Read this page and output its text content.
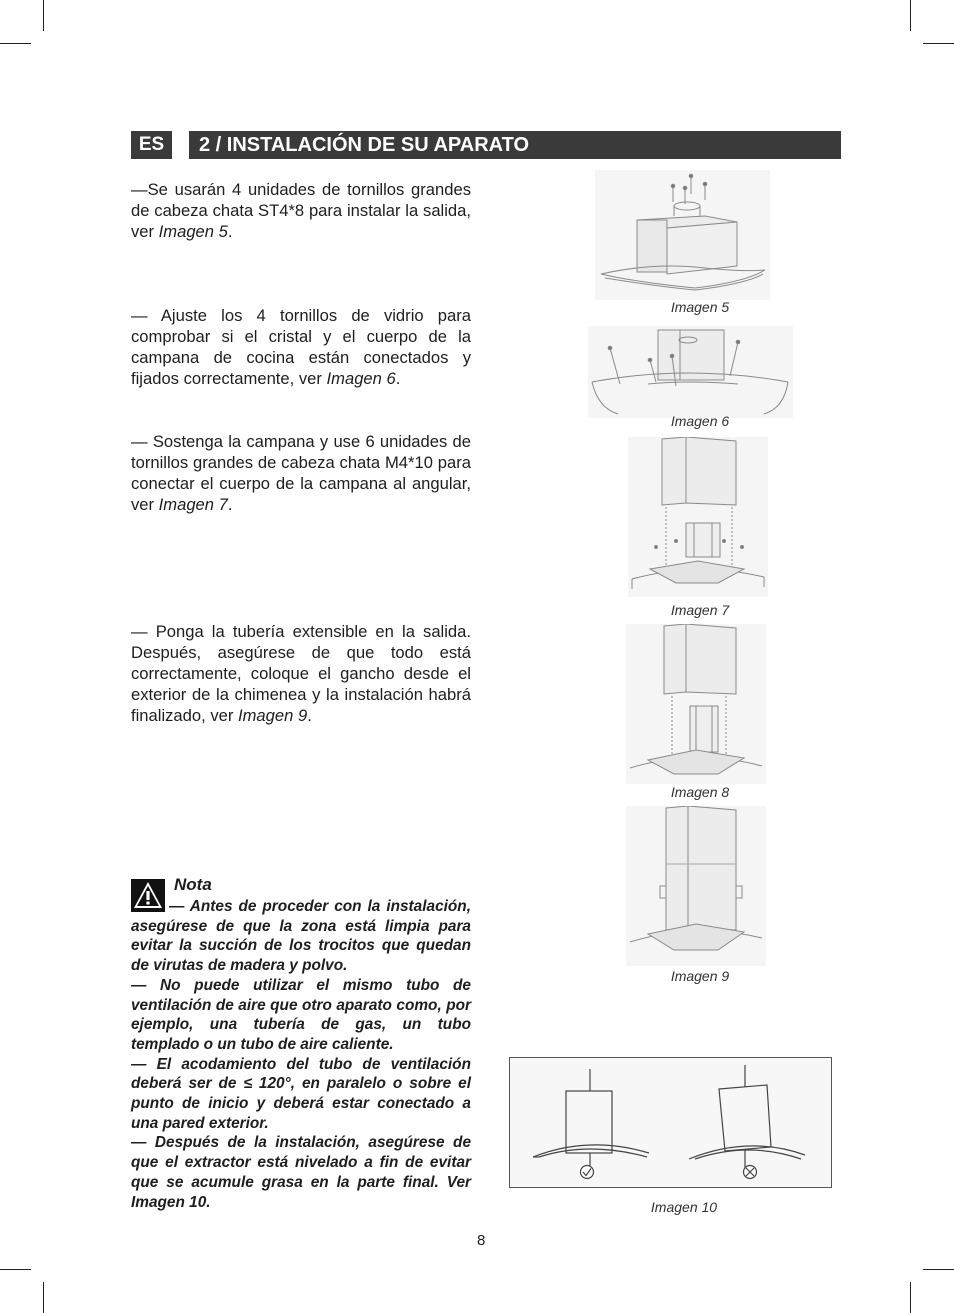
ES	2 / INSTALACIÓN DE SU APARATO
—Se usarán 4 unidades de tornillos grandes de cabeza chata ST4*8 para instalar la salida, ver Imagen 5.
— Ajuste los 4 tornillos de vidrio para comprobar si el cristal y el cuerpo de la campana de cocina están conectados y fijados correctamente, ver Imagen 6.
— Sostenga la campana y use 6 unidades de tornillos grandes de cabeza chata M4*10 para conectar el cuerpo de la campana al angular, ver Imagen 7.
— Ponga la tubería extensible en la salida. Después, asegúrese de que todo está correctamente, coloque el gancho desde el exterior de la chimenea y la instalación habrá finalizado, ver Imagen 9.
Imagen 5
Imagen 6
Imagen 7
Imagen 8
Imagen 9
Imagen 10
Nota

— Antes de proceder con la instalación, asegúrese de que la zona está limpia para evitar la succión de los trocitos que quedan de virutas de madera y polvo.

— No puede utilizar el mismo tubo de ventilación de aire que otro aparato como, por ejemplo, una tubería de gas, un tubo templado o un tubo de aire caliente.

— El acodamiento del tubo de ventilación deberá ser de ≤ 120°, en paralelo o sobre el punto de inicio y deberá estar conectado a una pared exterior.

— Después de la instalación, asegúrese de que el extractor está nivelado a fin de evitar que se acumule grasa en la parte final. Ver Imagen 10.

8
